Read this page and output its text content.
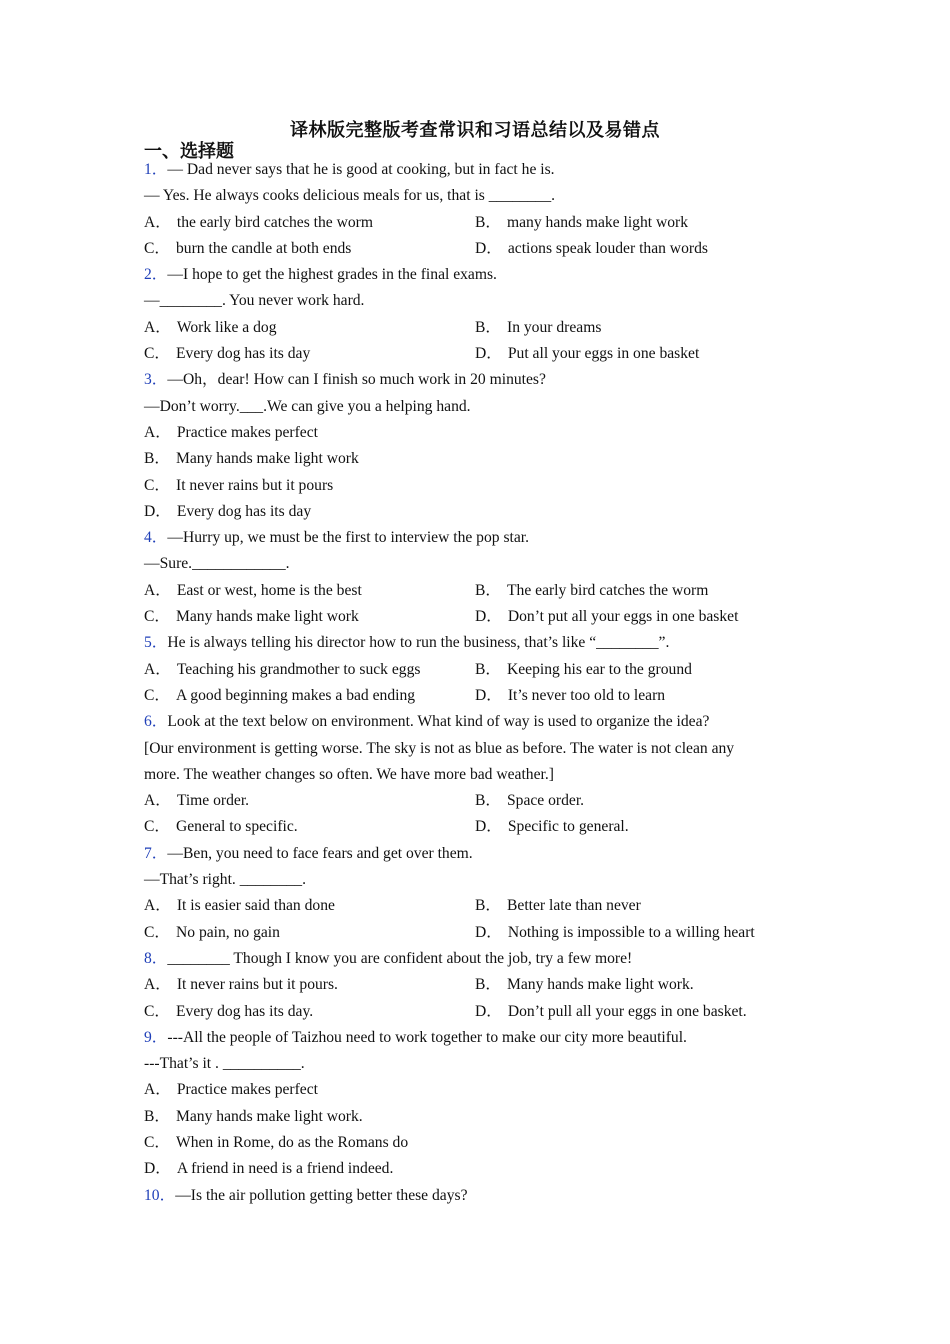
译林版完整版考查常识和习语总结以及易错点
一、选择题
1．— Dad never says that he is good at cooking, but in fact he is.
— Yes. He always cooks delicious meals for us, that is ________.
A． the early bird catches the worm	B． many hands make light work
C． burn the candle at both ends	D． actions speak louder than words
2．—I hope to get the highest grades in the final exams.
—________. You never work hard.
A． Work like a dog	B． In your dreams
C． Every dog has its day	D． Put all your eggs in one basket
3．—Oh，dear! How can I finish so much work in 20 minutes?
—Don’t worry.___.We can give you a helping hand.
A． Practice makes perfect
B． Many hands make light work
C． It never rains but it pours
D． Every dog has its day
4．—Hurry up, we must be the first to interview the pop star.
—Sure.____________.
A． East or west, home is the best	B． The early bird catches the worm
C． Many hands make light work	D． Don’t put all your eggs in one basket
5．He is always telling his director how to run the business, that’s like “________”.
A． Teaching his grandmother to suck eggs	B． Keeping his ear to the ground
C． A good beginning makes a bad ending	D． It’s never too old to learn
6．Look at the text below on environment. What kind of way is used to organize the idea?
[Our environment is getting worse. The sky is not as blue as before. The water is not clean any
more. The weather changes so often. We have more bad weather.]
A． Time order.	B． Space order.
C． General to specific.	D． Specific to general.
7．—Ben, you need to face fears and get over them.
—That’s right. ________.
A． It is easier said than done	B． Better late than never
C． No pain, no gain	D． Nothing is impossible to a willing heart
8．________ Though I know you are confident about the job, try a few more!
A． It never rains but it pours.	B． Many hands make light work.
C． Every dog has its day.	D． Don’t pull all your eggs in one basket.
9．---All the people of Taizhou need to work together to make our city more beautiful.
---That’s it . __________.
A． Practice makes perfect
B． Many hands make light work.
C． When in Rome, do as the Romans do
D． A friend in need is a friend indeed.
10．—Is the air pollution getting better these days?
